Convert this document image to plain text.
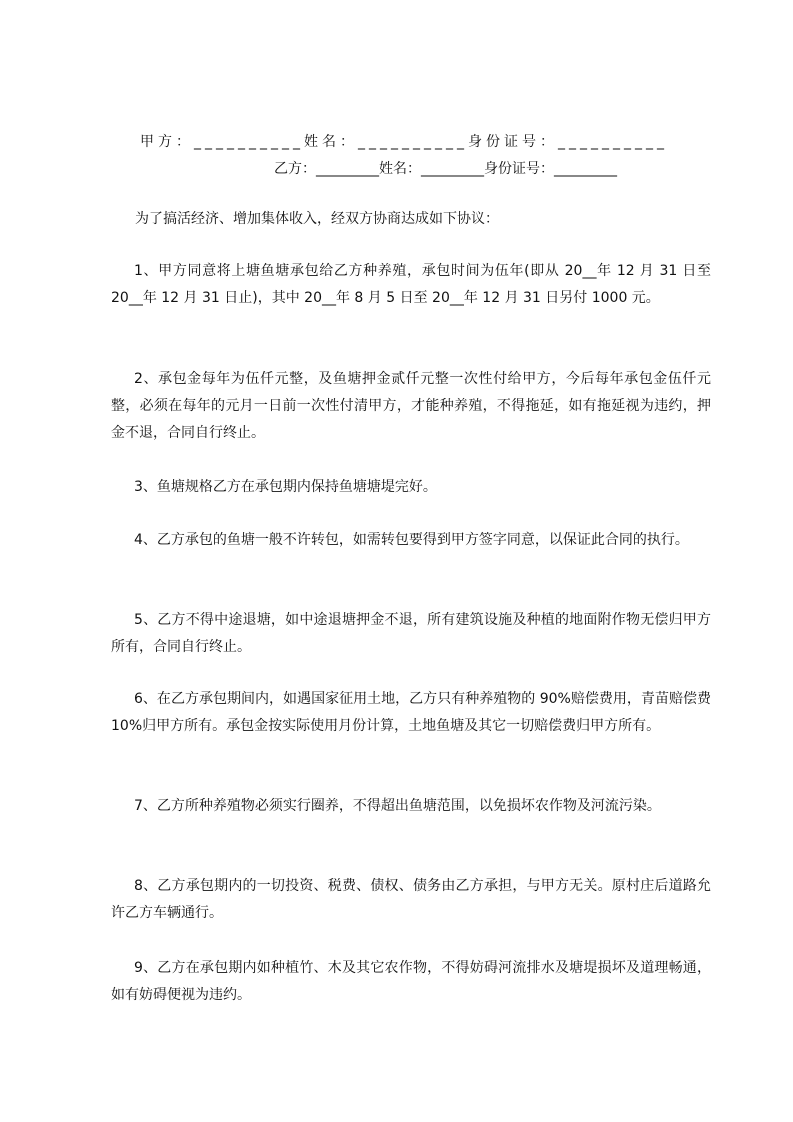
甲方：__________姓名：__________身份证号：__________
乙方：_________姓名：_________身份证号：_________
为了搞活经济、增加集体收入，经双方协商达成如下协议：
1、甲方同意将上塘鱼塘承包给乙方种养殖，承包时间为伍年(即从 20__年 12 月 31 日至 20__年 12 月 31 日止)，其中 20__年 8 月 5 日至 20__年 12 月 31 日另付 1000 元。
2、承包金每年为伍仟元整，及鱼塘押金贰仟元整一次性付给甲方，今后每年承包金伍仟元整，必须在每年的元月一日前一次性付清甲方，才能种养殖，不得拖延，如有拖延视为违约，押金不退，合同自行终止。
3、鱼塘规格乙方在承包期内保持鱼塘塘堤完好。
4、乙方承包的鱼塘一般不许转包，如需转包要得到甲方签字同意，以保证此合同的执行。
5、乙方不得中途退塘，如中途退塘押金不退，所有建筑设施及种植的地面附作物无偿归甲方所有，合同自行终止。
6、在乙方承包期间内，如遇国家征用土地，乙方只有种养殖物的 90%赔偿费用，青苗赔偿费 10%归甲方所有。承包金按实际使用月份计算，土地鱼塘及其它一切赔偿费归甲方所有。
7、乙方所种养殖物必须实行圈养，不得超出鱼塘范围，以免损坏农作物及河流污染。
8、乙方承包期内的一切投资、税费、债权、债务由乙方承担，与甲方无关。原村庄后道路允许乙方车辆通行。
9、乙方在承包期内如种植竹、木及其它农作物，不得妨碍河流排水及塘堤损坏及道理畅通，如有妨碍便视为违约。
